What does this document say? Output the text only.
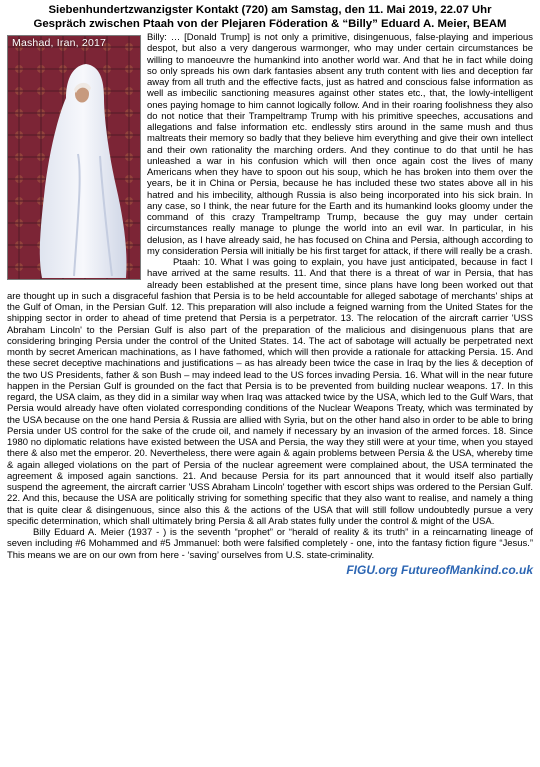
Siebenhundertzwanzigster Kontakt (720) am Samstag, den 11. Mai 2019, 22.07 Uhr
Gespräch zwischen Ptaah von der Plejaren Föderation & “Billy” Eduard A. Meier, BEAM

Mashad, Iran, 2017	Billy: … [Donald Trump] is not only a primitive, disingenuous, false-playing and imperious despot, but also a very dangerous warmonger, who may under certain circumstances be willing to manoeuvre the humankind into another world war. And that he in fact while doing so only spreads his own dark fantasies absent any truth content with lies and deception far away from all truth and the effective facts, just as hatred and conscious false information as well as imbecilic sanctioning measures against other states etc., that, the lowly-intelligent ones paying homage to him cannot logically follow. And in their roaring foolishness they also do not notice that their Trampeltramp Trump with his primitive speeches, accusations and allegations and false information etc. endlessly stirs around in the same mush and thus maltreats their memory so badly that they believe him everything and give their own intellect and their own rationality the marching orders. And they continue to do that until he has unleashed a war in his confusion which will then once again cost the lives of many Americans when they have to spoon out his soup, which he has broken into them over the years, be it in China or Persia, because he has included these two states above all in his hatred and his imbecility, although Russia is also being incorporated into his sick brain. In any case, so I think, the near future for the Earth and its humankind looks gloomy under the command of this crazy Trampeltramp Trump, because the guy may under certain circumstances really manage to plunge the world into an evil war. In particular, in his delusion, as I have already said, he has focused on China and Persia, although according to my consideration Persia will initially be his first target for attack, if there will really be a crash.

Ptaah: 10. What I was going to explain, you have just anticipated, because in fact I have arrived at the same results. 11. And that there is a threat of war in Persia, that has already been established at the present time, since plans have long been worked out that are thought up in such a disgraceful fashion that Persia is to be held accountable for alleged sabotage of merchants' ships at the Gulf of Oman, in the Persian Gulf. 12. This preparation will also include a feigned warning from the United States for the shipping sector in order to ahead of time pretend that Persia is a perpetrator. 13. The relocation of the aircraft carrier 'USS Abraham Lincoln' to the Persian Gulf is also part of the preparation of the malicious and disingenuous plans that are considering bringing Persia under the control of the United States. 14. The act of sabotage will actually be perpetrated next month by secret American machinations, as I have fathomed, which will then provide a rationale for attacking Persia. 15. And these secret deceptive machinations and justifications – as has already been twice the case in Iraq by the lies & deception of the two US Presidents, father & son Bush – may indeed lead to the US forces invading Persia. 16. What will in the near future happen in the Persian Gulf is grounded on the fact that Persia is to be prevented from building nuclear weapons. 17. In this regard, the USA claim, as they did in a similar way when Iraq was attacked twice by the USA, which led to the Gulf Wars, that Persia would already have often violated corresponding conditions of the Nuclear Weapons Treaty, which was terminated by the USA because on the one hand Persia & Russia are allied with Syria, but on the other hand also in order to be able to bring Persia under US control for the sake of the crude oil, and namely if necessary by an invasion of the armed forces. 18. Since 1980 no diplomatic relations have existed between the USA and Persia, the way they still were at your time, when you stayed there & also met the emperor. 20. Nevertheless, there were again & again problems between Persia & the USA, whereby time & again alleged violations on the part of Persia of the nuclear agreement were complained about, the USA terminated the agreement & imposed again sanctions. 21. And because Persia for its part announced that it would itself also partially suspend the agreement, the aircraft carrier 'USS Abraham Lincoln' together with escort ships was ordered to the Persian Gulf. 22. And this, because the USA are politically striving for something specific that they also want to realise, and namely a thing that is quite clear & disingenuous, since also this & the actions of the USA that will still follow undoubtedly pursue a very specific determination, which shall ultimately bring Persia & all Arab states fully under the control & might of the USA.

Billy Eduard A. Meier (1937 - ) is the seventh “prophet” or “herald of reality & its truth” in a reincarnating lineage of seven including #6 Mohammed and #5 Jmmanuel: both were falsified completely - one, into the fantasy fiction figure “Jesus.” This means we are on our own from here - ‘saving’ ourselves from U.S. state-criminality.

FIGU.org FutureofMankind.co.uk
